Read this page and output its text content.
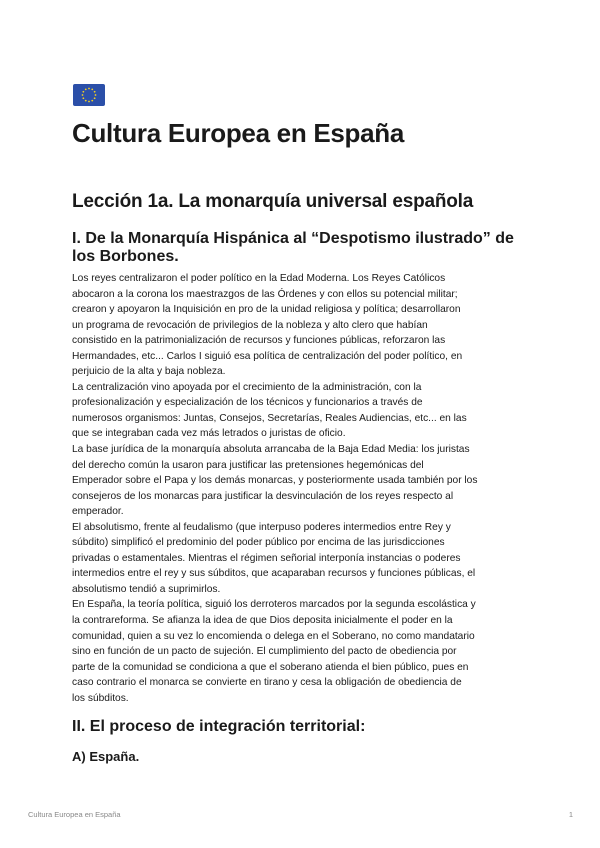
Cultura Europea en España
Lección 1a. La monarquía universal española
I. De la Monarquía Hispánica al “Despotismo ilustrado” de los Borbones.
Los reyes centralizaron el poder político en la Edad Moderna. Los Reyes Católicos
abocaron a la corona los maestrazgos de las Órdenes y con ellos su potencial militar;
crearon y apoyaron la Inquisición en pro de la unidad religiosa y política; desarrollaron
un programa de revocación de privilegios de la nobleza y alto clero que habían
consistido en la patrimonialización de recursos y funciones públicas, reforzaron las
Hermandades, etc... Carlos I siguió esa política de centralización del poder político, en
perjuicio de la alta y baja nobleza.
La centralización vino apoyada por el crecimiento de la administración, con la
profesionalización y especialización de los técnicos y funcionarios a través de
numerosos organismos: Juntas, Consejos, Secretarías, Reales Audiencias, etc... en las
que se integraban cada vez más letrados o juristas de oficio.
La base jurídica de la monarquía absoluta arrancaba de la Baja Edad Media: los juristas
del derecho común la usaron para justificar las pretensiones hegemónicas del
Emperador sobre el Papa y los demás monarcas, y posteriormente usada también por los
consejeros de los monarcas para justificar la desvinculación de los reyes respecto al
emperador.
El absolutismo, frente al feudalismo (que interpuso poderes intermedios entre Rey y
súbdito) simplificó el predominio del poder público por encima de las jurisdicciones
privadas o estamentales. Mientras el régimen señorial interponía instancias o poderes
intermedios entre el rey y sus súbditos, que acaparaban recursos y funciones públicas, el
absolutismo tendió a suprimirlos.
En España, la teoría política, siguió los derroteros marcados por la segunda escolástica y
la contrareforma. Se afianza la idea de que Dios deposita inicialmente el poder en la
comunidad, quien a su vez lo encomienda o delega en el Soberano, no como mandatario
sino en función de un pacto de sujeción. El cumplimiento del pacto de obediencia por
parte de la comunidad se condiciona a que el soberano atienda el bien público, pues en
caso contrario el monarca se convierte en tirano y cesa la obligación de obediencia de
los súbditos.
II. El proceso de integración territorial:
A) España.
Cultura Europea en España	1
